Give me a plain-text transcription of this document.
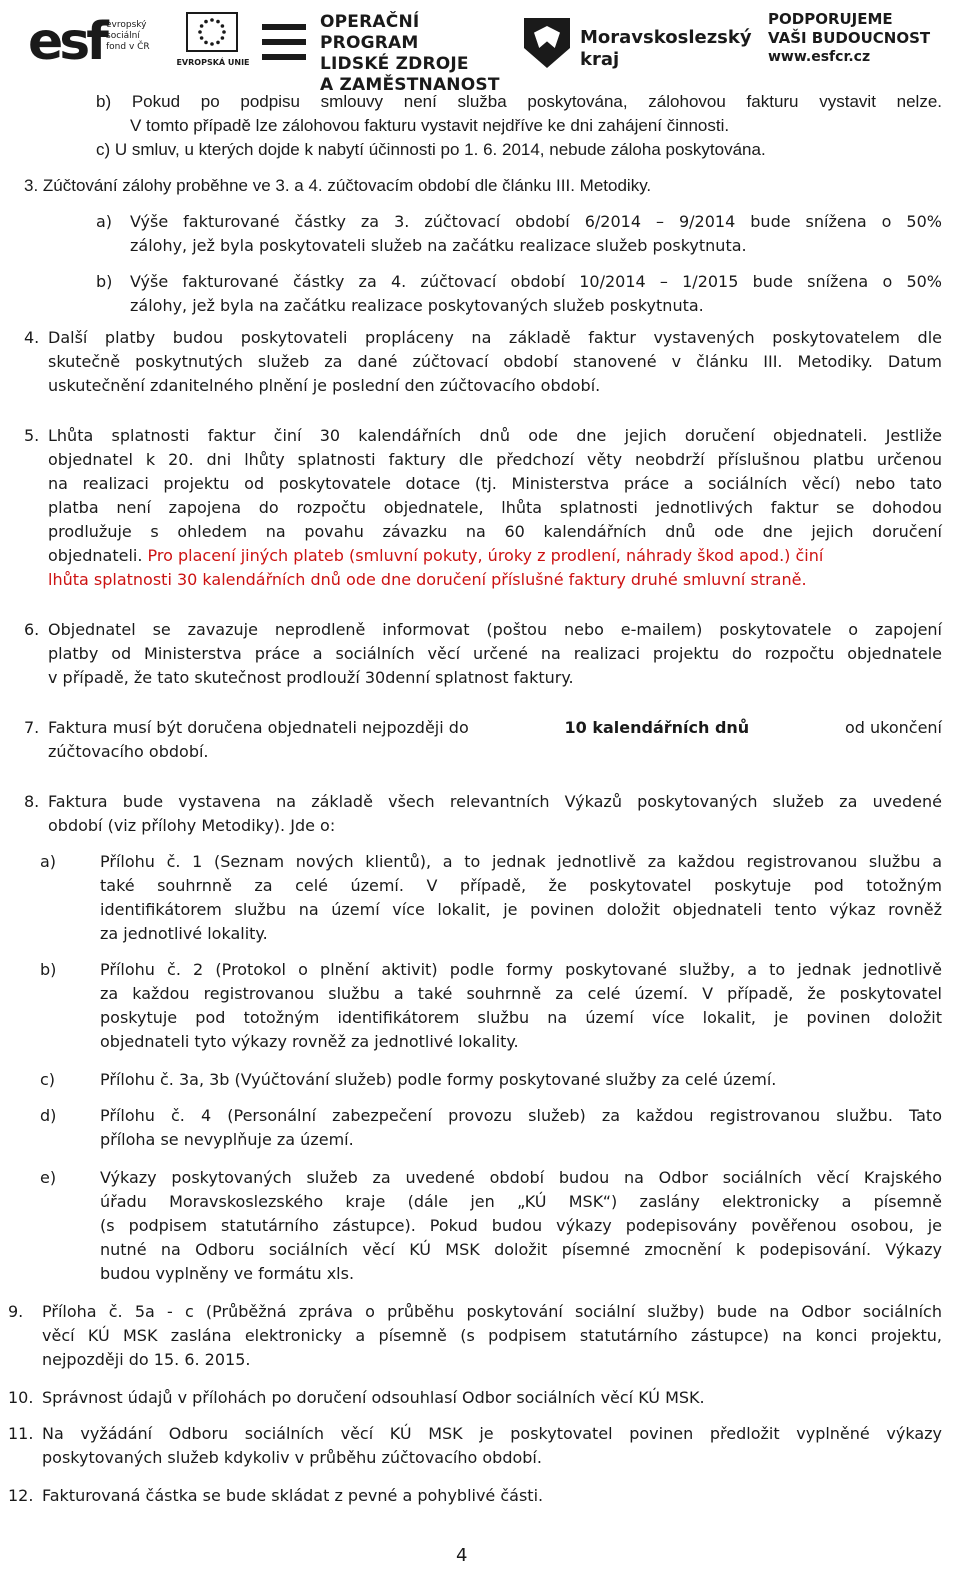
esf evropský
sociální
fond v ČR
EVROPSKÁ UNIE
OPERAČNÍ PROGRAM
LIDSKÉ ZDROJE
A ZAMĚSTNANOST
Moravskoslezský
kraj
PODPORUJEME
VAŠI BUDOUCNOST
www.esfcr.cz
b) Pokud po podpisu smlouvy není služba poskytována, zálohovou fakturu vystavit nelze.
V tomto případě lze zálohovou fakturu vystavit nejdříve ke dni zahájení činnosti.
c) U smluv, u kterých dojde k nabytí účinnosti po 1. 6. 2014, nebude záloha poskytována.
3. Zúčtování zálohy proběhne ve 3. a 4. zúčtovacím období dle článku III. Metodiky.
a) Výše fakturované částky za 3. zúčtovací období 6/2014 – 9/2014 bude snížena o 50%
zálohy, jež byla poskytovateli služeb na začátku realizace služeb poskytnuta.
b) Výše fakturované částky za 4. zúčtovací období 10/2014 – 1/2015 bude snížena o 50%
zálohy, jež byla na začátku realizace poskytovaných služeb poskytnuta.
4. Další platby budou poskytovateli propláceny na základě faktur vystavených poskytovatelem dle
skutečně poskytnutých služeb za dané zúčtovací období stanovené v článku III. Metodiky. Datum
uskutečnění zdanitelného plnění je poslední den zúčtovacího období.
5. Lhůta splatnosti faktur činí 30 kalendářních dnů ode dne jejich doručení objednateli. Jestliže
objednatel k 20. dni lhůty splatnosti faktury dle předchozí věty neobdrží příslušnou platbu určenou
na realizaci projektu od poskytovatele dotace (tj. Ministerstva práce a sociálních věcí) nebo tato
platba není zapojena do rozpočtu objednatele, lhůta splatnosti jednotlivých faktur se dohodou
prodlužuje s ohledem na povahu závazku na 60 kalendářních dnů ode dne jejich doručení
objednateli. Pro placení jiných plateb (smluvní pokuty, úroky z prodlení, náhrady škod apod.) činí
lhůta splatnosti 30 kalendářních dnů ode dne doručení příslušné faktury druhé smluvní straně.
6. Objednatel se zavazuje neprodleně informovat (poštou nebo e-mailem) poskytovatele o zapojení
platby od Ministerstva práce a sociálních věcí určené na realizaci projektu do rozpočtu objednatele
v případě, že tato skutečnost prodlouží 30denní splatnost faktury.
7. Faktura musí být doručena objednateli nejpozději do	10 kalendářních dnů	od ukončení
zúčtovacího období.
8. Faktura bude vystavena na základě všech relevantních Výkazů poskytovaných služeb za uvedené
období (viz přílohy Metodiky). Jde o:
a)	Přílohu č. 1 (Seznam nových klientů), a to jednak jednotlivě za každou registrovanou službu a
také souhrnně za celé území. V případě, že poskytovatel poskytuje pod totožným
identifikátorem službu na území více lokalit, je povinen doložit objednateli tento výkaz rovněž
za jednotlivé lokality.
b)	Přílohu č. 2 (Protokol o plnění aktivit) podle formy poskytované služby, a to jednak jednotlivě
za každou registrovanou službu a také souhrnně za celé území. V případě, že poskytovatel
poskytuje pod totožným identifikátorem službu na území více lokalit, je povinen doložit
objednateli tyto výkazy rovněž za jednotlivé lokality.
c)	Přílohu č. 3a, 3b (Vyúčtování služeb) podle formy poskytované služby za celé území.
d)	Přílohu č. 4 (Personální zabezpečení provozu služeb) za každou registrovanou službu. Tato
příloha se nevyplňuje za území.
e)	Výkazy poskytovaných služeb za uvedené období budou na Odbor sociálních věcí Krajského
úřadu Moravskoslezského kraje (dále jen „KÚ MSK“) zaslány elektronicky a písemně
(s podpisem statutárního zástupce). Pokud budou výkazy podepisovány pověřenou osobou, je
nutné na Odboru sociálních věcí KÚ MSK doložit písemné zmocnění k podepisování. Výkazy
budou vyplněny ve formátu xls.
9. Příloha č. 5a - c (Průběžná zpráva o průběhu poskytování sociální služby) bude na Odbor sociálních
věcí KÚ MSK zaslána elektronicky a písemně (s podpisem statutárního zástupce) na konci projektu,
nejpozději do 15. 6. 2015.
10. Správnost údajů v přílohách po doručení odsouhlasí Odbor sociálních věcí KÚ MSK.
11. Na vyžádání Odboru sociálních věcí KÚ MSK je poskytovatel povinen předložit vyplněné výkazy
poskytovaných služeb kdykoliv v průběhu zúčtovacího období.
12. Fakturovaná částka se bude skládat z pevné a pohyblivé části.
4
